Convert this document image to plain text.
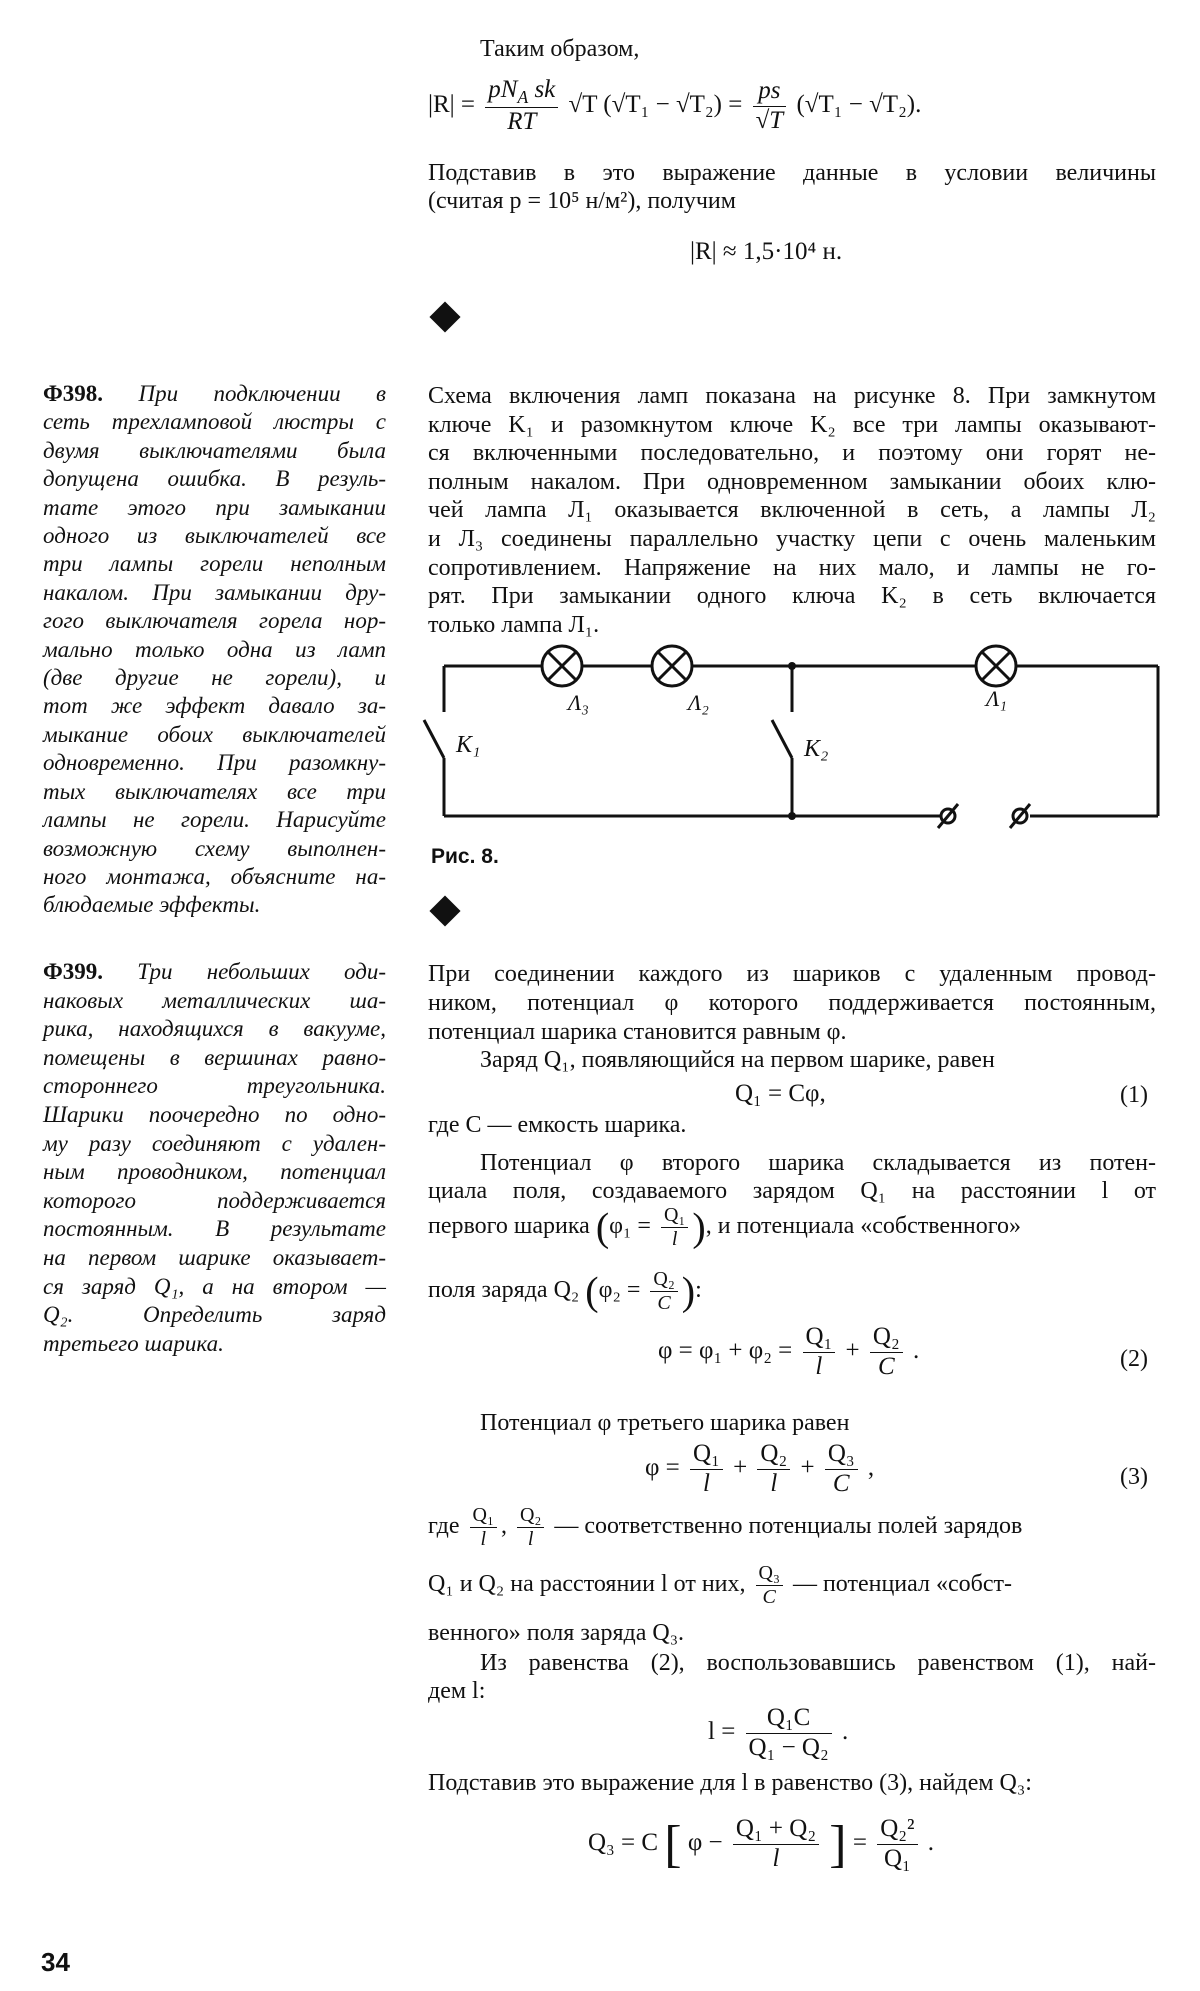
Таким образом,
$|R| = \frac{pN_A sk}{RT} √T$ $(√T_1 - √T_2) = \frac{ps}{√T} (√T_1 - √T_2)$.
Подставив в это выражение данные в условии величины
(считая p = 10⁵ н/м²), получим
|R| ≈ 1,5·10⁴ н.
Ф398. При подключении в
сеть трехламповой люстры с
двумя выключателями была
допущена ошибка. В резуль-
тате этого при замыкании
одного из выключателей все
три лампы горели неполным
накалом. При замыкании дру-
гого выключателя горела нор-
мально только одна из ламп
(две другие не горели), и
тот же эффект давало за-
мыкание обоих выключателей
одновременно. При разомкну-
тых выключателях все три
лампы не горели. Нарисуйте
возможную схему выполнен-
ного монтажа, объясните на-
блюдаемые эффекты.
Схема включения ламп показана на рисунке 8. При замкнутом
ключе K₁ и разомкнутом ключе K₂ все три лампы оказывают-
ся включенными последовательно, и поэтому они горят не-
полным накалом. При одновременном замыкании обоих клю-
чей лампа Л₁ оказывается включенной в сеть, а лампы Л₂
и Л₃ соединены параллельно участку цепи с очень маленьким
сопротивлением. Напряжение на них мало, и лампы не го-
рят. При замыкании одного ключа K₂ в сеть включается
только лампа Л₁.
Λ₃	Λ₂	Λ₁
K₁	K₂
Рис. 8.
Ф399. Три небольших оди-
наковых металлических ша-
рика, находящихся в вакууме,
помещены в вершинах равно-
стороннего треугольника.
Шарики поочередно по одно-
му разу соединяют с удален-
ным проводником, потенциал
которого поддерживается
постоянным. В результате
на первом шарике оказывает-
ся заряд Q₁, а на втором —
Q₂. Определить заряд
третьего шарика.
При соединении каждого из шариков с удаленным провод-
ником, потенциал φ которого поддерживается постоянным,
потенциал шарика становится равным φ.
Заряд Q₁, появляющийся на первом шарике, равен
Q₁ = Cφ,	(1)
где C — емкость шарика.
Потенциал φ второго шарика складывается из потен-
циала поля, создаваемого зарядом Q₁ на расстоянии l от
первого шарика ($\varphi_1 = \frac{\text{Q₁}}{l}$ ), и потенциала «собственного»
поля заряда Q₂ ($\varphi_2 = \frac{\text{Q₂}}{C}$ ):
$\varphi = \varphi_1 + \varphi_2 = \frac{\text{Q₁}}{l} + \frac{\text{Q₂}}{C}$ .	(2)
Потенциал φ третьего шарика равен
$\varphi = \frac{\text{Q₁}}{l} + \frac{\text{Q₂}}{l} + \frac{\text{Q₃}}{C}$ ,	(3)
где $\frac{\text{Q₁}}{l}$ , $\frac{\text{Q₂}}{l}$ — соответственно потенциалы полей зарядов
Q₁ и Q₂ на расстоянии l от них, $\frac{\text{Q₃}}{C}$ — потенциал «собст-
венного» поля заряда Q₃.
Из равенства (2), воспользовавшись равенством (1), най-
дем l:
$l = \frac{\text{Q₁C}}{\text{Q₁ − Q₂}}$ .
Подставив это выражение для l в равенство (3), найдем Q₃:
Q₃ = C [ $\varphi - \frac{\text{Q₁ + Q₂}}{l}$ ] = $\frac{\text{Q₂²}}{\text{Q₁}}$ .
34
